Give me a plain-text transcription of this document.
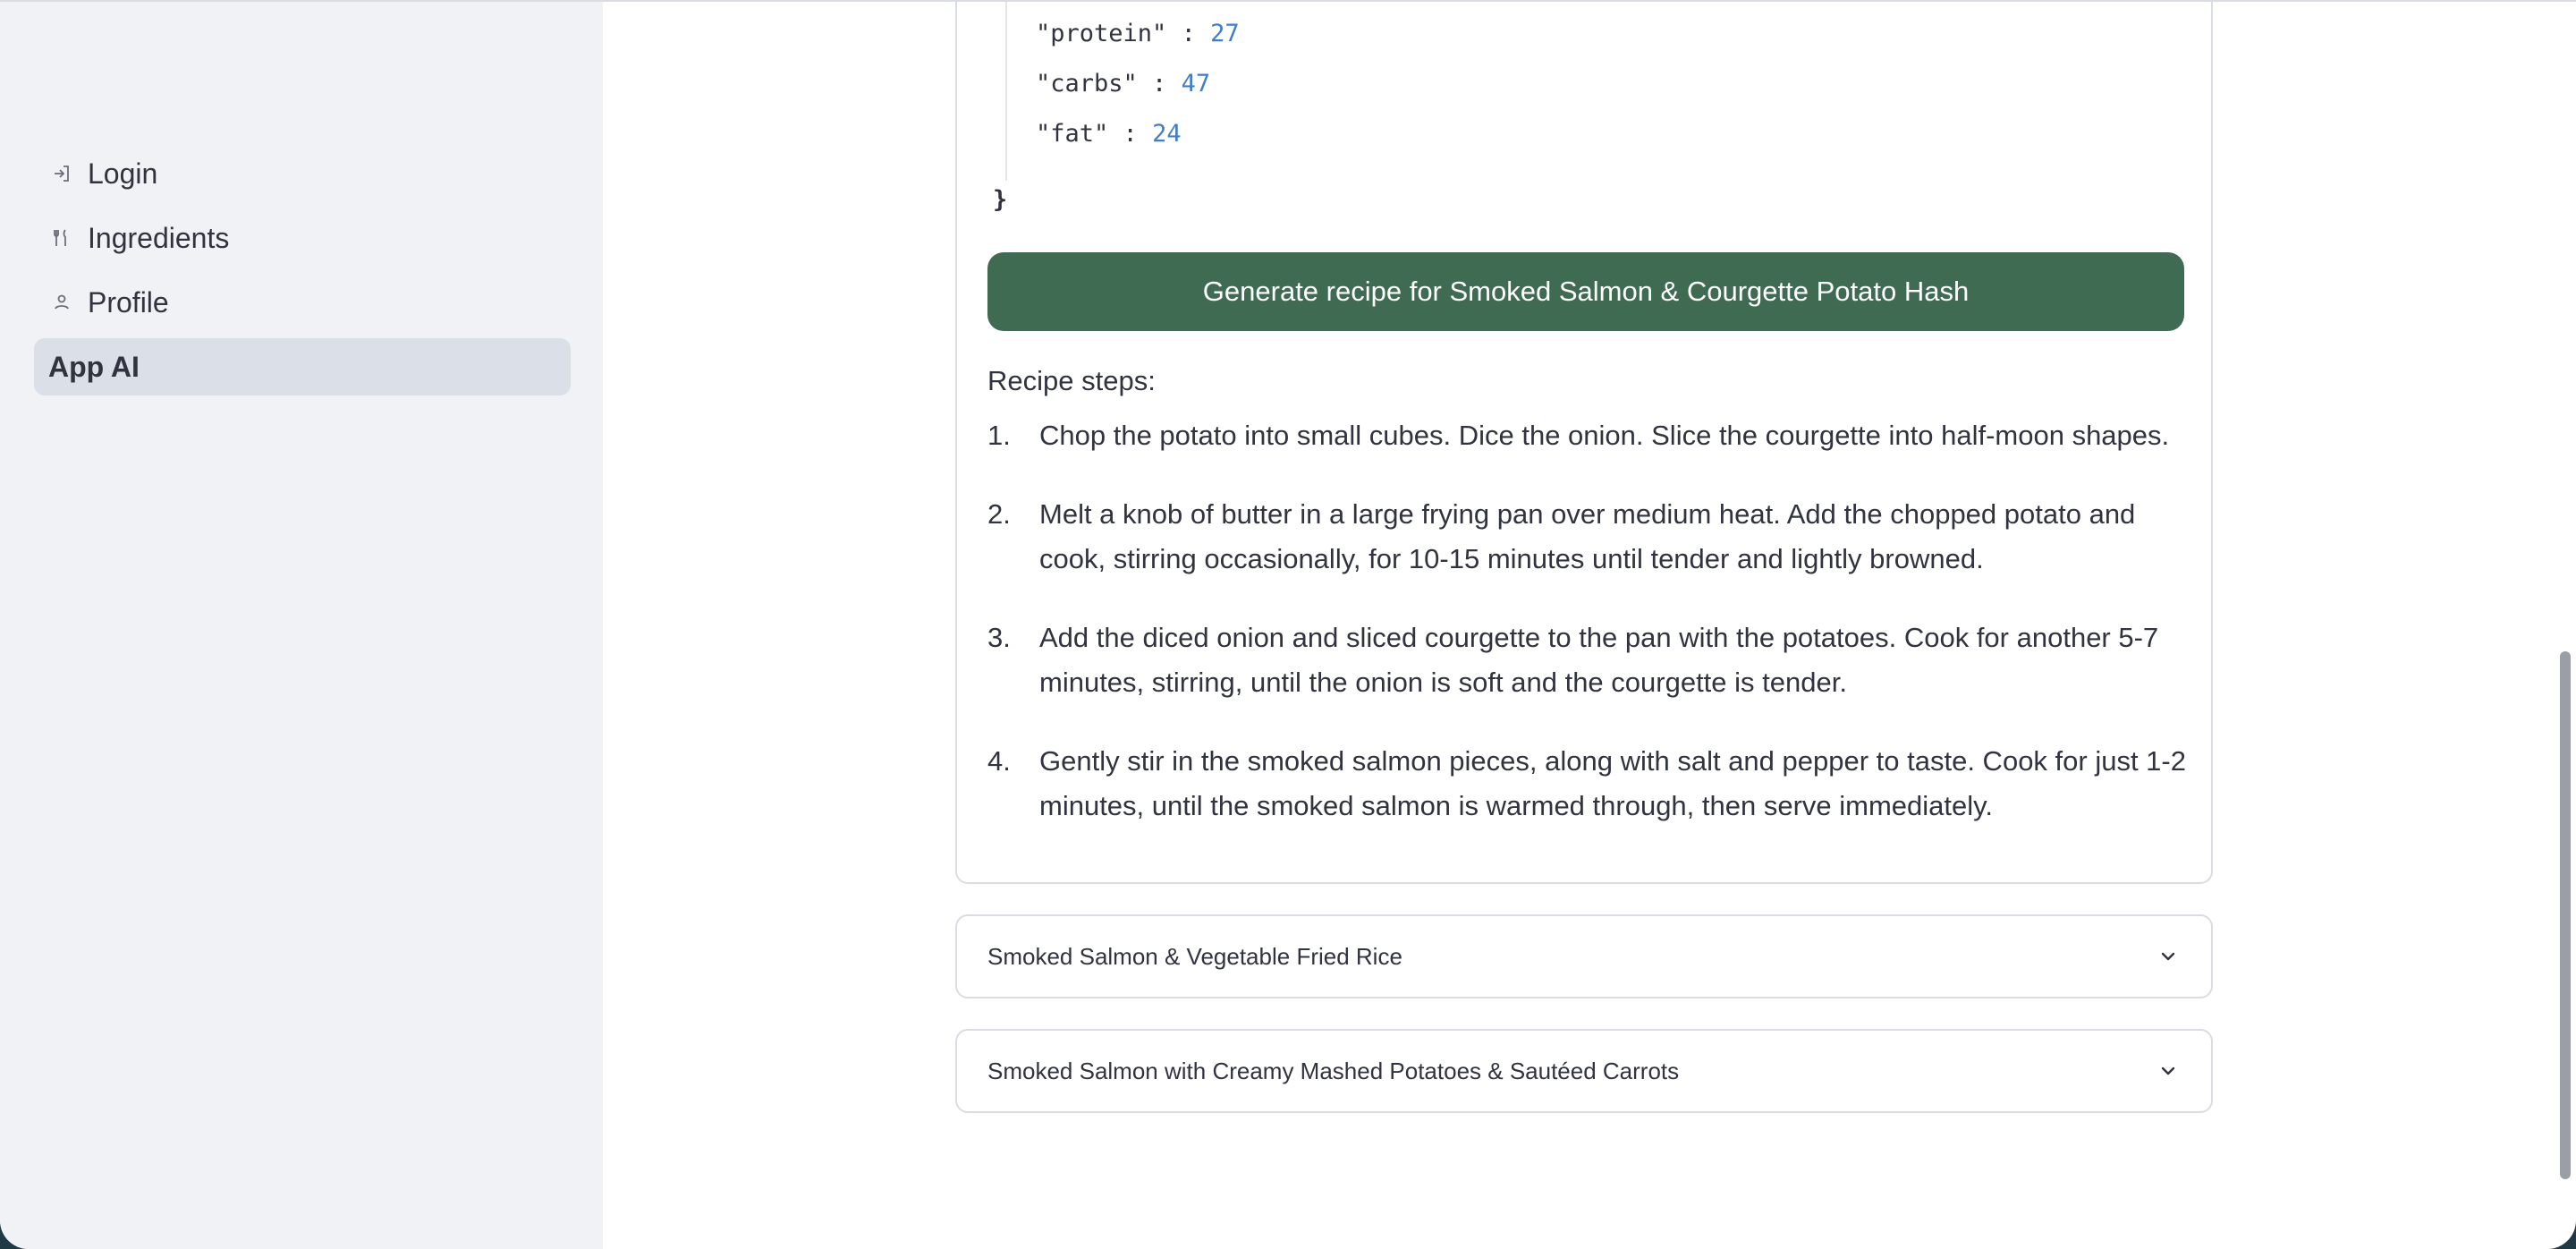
Login
Ingredients
Profile
App AI
"protein" : 27
"carbs" : 47
"fat" : 24
}
Generate recipe for Smoked Salmon & Courgette Potato Hash
Recipe steps:
1.	Chop the potato into small cubes. Dice the onion. Slice the courgette into half-moon shapes.
2.	Melt a knob of butter in a large frying pan over medium heat. Add the chopped potato and cook, stirring occasionally, for 10-15 minutes until tender and lightly browned.
3.	Add the diced onion and sliced courgette to the pan with the potatoes. Cook for another 5-7 minutes, stirring, until the onion is soft and the courgette is tender.
4.	Gently stir in the smoked salmon pieces, along with salt and pepper to taste. Cook for just 1-2 minutes, until the smoked salmon is warmed through, then serve immediately.
Smoked Salmon & Vegetable Fried Rice
Smoked Salmon with Creamy Mashed Potatoes & Sautéed Carrots
